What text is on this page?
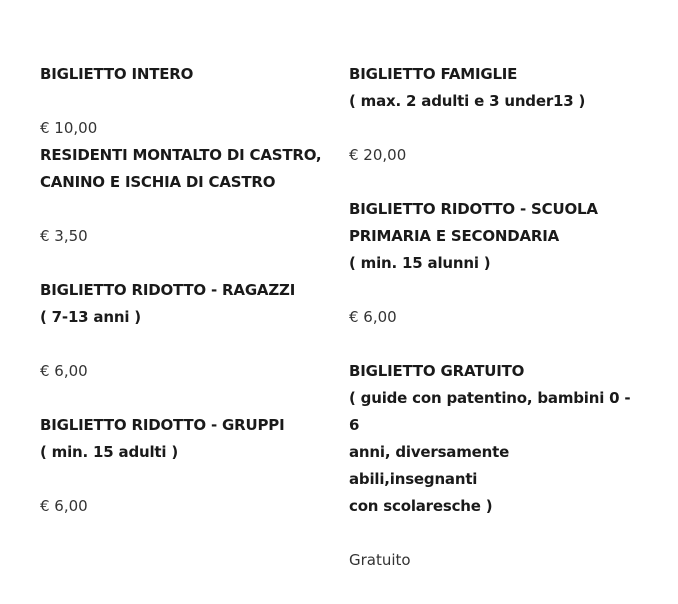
BIGLIETTO INTERO
€ 10,00
RESIDENTI MONTALTO DI CASTRO,
CANINO E ISCHIA DI CASTRO
€ 3,50
BIGLIETTO RIDOTTO - RAGAZZI
( 7-13 anni )
€ 6,00
BIGLIETTO RIDOTTO - GRUPPI
( min. 15 adulti )
€ 6,00
BIGLIETTO FAMIGLIE
( max. 2 adulti e 3 under13 )
€ 20,00
BIGLIETTO RIDOTTO - SCUOLA
PRIMARIA E SECONDARIA
( min. 15 alunni )
€ 6,00
BIGLIETTO GRATUITO
( guide con patentino, bambini 0 - 6
anni, diversamente abili,insegnanti
con scolaresche )
Gratuito
